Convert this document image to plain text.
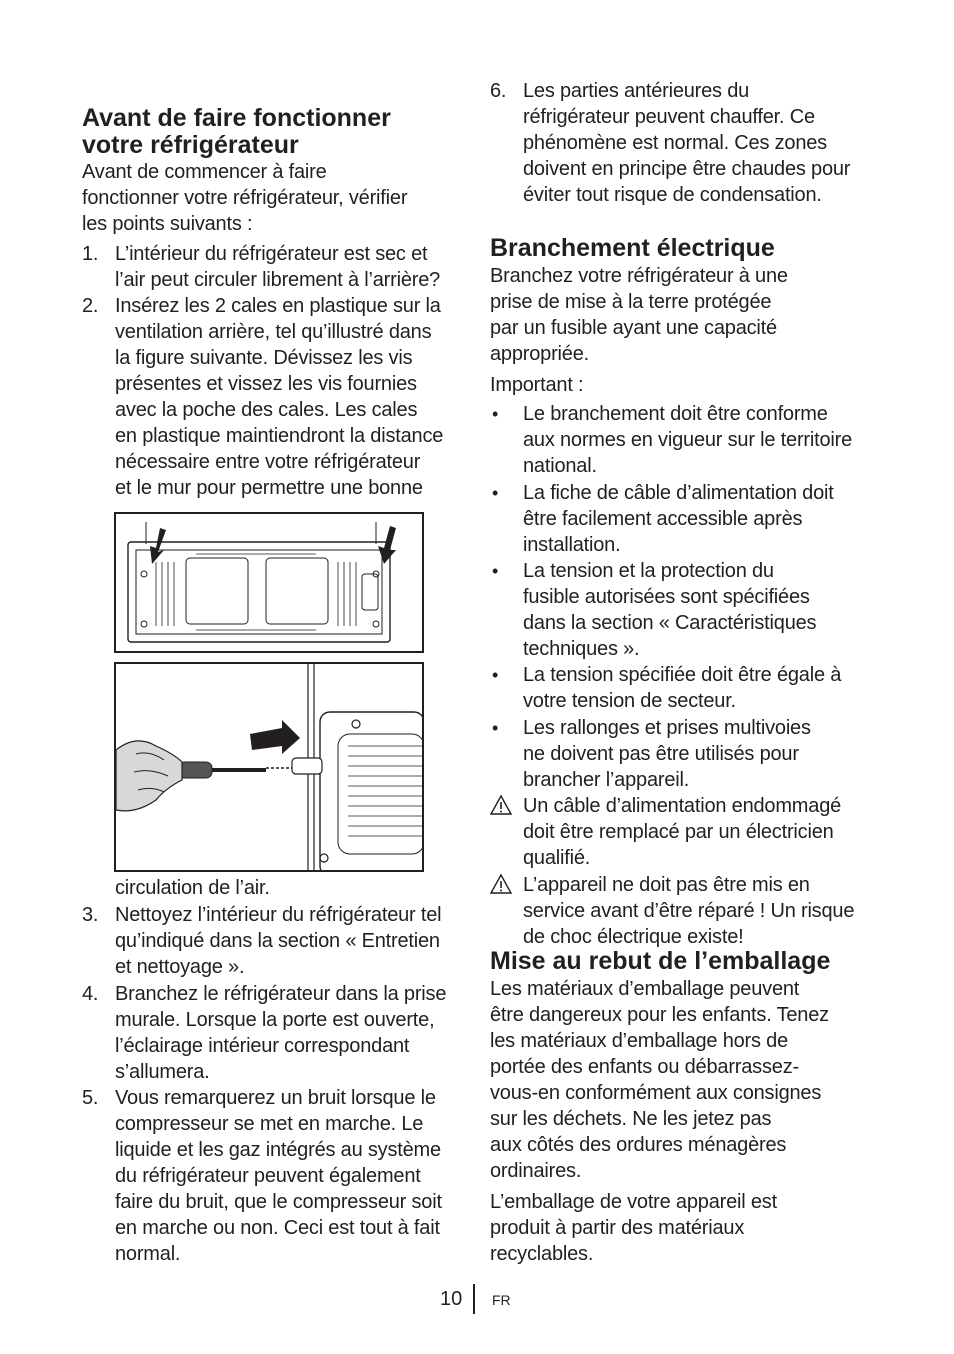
Avant de faire fonctionner
votre réfrigérateur
Avant de commencer à faire
fonctionner votre réfrigérateur, vérifier
les points suivants :
1. L’intérieur du réfrigérateur est sec et
l’air peut circuler librement à l’arrière?
2. Insérez les 2 cales en plastique sur la
ventilation arrière, tel qu’illustré dans
la figure suivante. Dévissez les vis
présentes et vissez les vis fournies
avec la poche des cales. Les cales
en plastique maintiendront la distance
nécessaire entre votre réfrigérateur
et le mur pour permettre une bonne
circulation de l’air.
3. Nettoyez l’intérieur du réfrigérateur tel
qu’indiqué dans la section « Entretien
et nettoyage ».
4. Branchez le réfrigérateur dans la prise
murale. Lorsque la porte est ouverte,
l’éclairage intérieur correspondant
s’allumera.
5. Vous remarquerez un bruit lorsque le
compresseur se met en marche. Le
liquide et les gaz intégrés au système
du réfrigérateur peuvent également
faire du bruit, que le compresseur soit
en marche ou non. Ceci est tout à fait
normal.
6. Les parties antérieures du
réfrigérateur peuvent chauffer. Ce
phénomène est normal. Ces zones
doivent en principe être chaudes pour
éviter tout risque de condensation.
Branchement électrique
Branchez votre réfrigérateur à une
prise de mise à la terre protégée
par un fusible ayant une capacité
appropriée.
Important :
• Le branchement doit être conforme
aux normes en vigueur sur le territoire
national.
• La fiche de câble d’alimentation doit
être facilement accessible après
installation.
• La tension et la protection du
fusible autorisées sont spécifiées
dans la section « Caractéristiques
techniques ».
• La tension spécifiée doit être égale à
votre tension de secteur.
• Les rallonges et prises multivoies
ne doivent pas être utilisés pour
brancher l’appareil.
Un câble d’alimentation endommagé
doit être remplacé par un électricien
qualifié.
L’appareil ne doit pas être mis en
service avant d’être réparé ! Un risque
de choc électrique existe!
Mise au rebut de l’emballage
Les matériaux d’emballage peuvent
être dangereux pour les enfants. Tenez
les matériaux d’emballage hors de
portée des enfants ou débarrassez-
vous-en conformément aux consignes
sur les déchets. Ne les jetez pas
aux côtés des ordures ménagères
ordinaires.
L’emballage de votre appareil est
produit à partir des matériaux
recyclables.
10 FR
